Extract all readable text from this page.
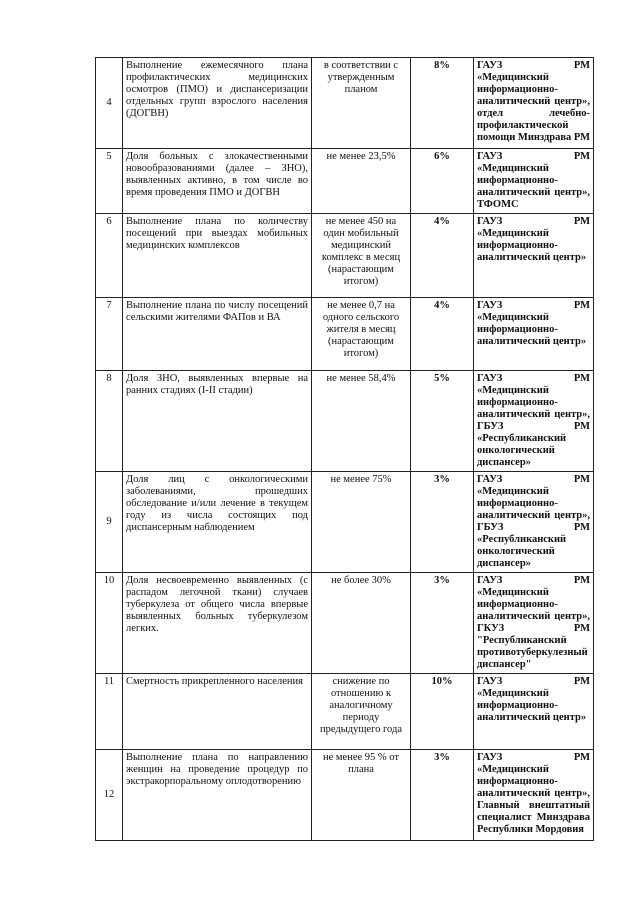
4	Выполнение ежемесячного плана профилактических медицинских осмотров (ПМО) и диспансеризации отдельных групп взрослого населения (ДОГВН)	в соответствии с утвержденным планом	8%	ГАУЗ РМ «Медицинский информационно-аналитический центр», отдел лечебно-профилактической помощи Минздрава РМ
5	Доля больных с злокачественными новообразованиями (далее – ЗНО), выявленных активно, в том числе во время проведения ПМО и ДОГВН	не менее 23,5%	6%	ГАУЗ РМ «Медицинский информационно-аналитический центр», ТФОМС
6	Выполнение плана по количеству посещений при выездах мобильных медицинских комплексов	не менее 450 на один мобильный медицинский комплекс в месяц (нарастающим итогом)	4%	ГАУЗ РМ «Медицинский информационно-аналитический центр»
7	Выполнение плана по числу посещений сельскими жителями ФАПов и ВА	не менее 0,7 на одного сельского жителя в месяц (нарастающим итогом)	4%	ГАУЗ РМ «Медицинский информационно-аналитический центр»
8	Доля ЗНО, выявленных впервые на ранних стадиях (I-II стадии)	не менее 58,4%	5%	ГАУЗ РМ «Медицинский информационно-аналитический центр», ГБУЗ РМ «Республиканский онкологический диспансер»
9	Доля лиц с онкологическими заболеваниями, прошедших обследование и/или лечение в текущем году из числа состоящих под диспансерным наблюдением	не менее 75%	3%	ГАУЗ РМ «Медицинский информационно-аналитический центр», ГБУЗ РМ «Республиканский онкологический диспансер»
10	Доля несвоевременно выявленных (с распадом легочной ткани) случаев туберкулеза от общего числа впервые выявленных больных туберкулезом легких.	не более 30%	3%	ГАУЗ РМ «Медицинский информационно-аналитический центр», ГКУЗ РМ "Республиканский противотуберкулезный диспансер"
11	Смертность прикрепленного населения	снижение по отношению к аналогичному периоду предыдущего года	10%	ГАУЗ РМ «Медицинский информационно-аналитический центр»
12	Выполнение плана по направлению женщин на проведение процедур по экстракорпоральному оплодотворению	не менее 95 % от плана	3%	ГАУЗ РМ «Медицинский информационно-аналитический центр», Главный внештатный специалист Минздрава Республики Мордовия
